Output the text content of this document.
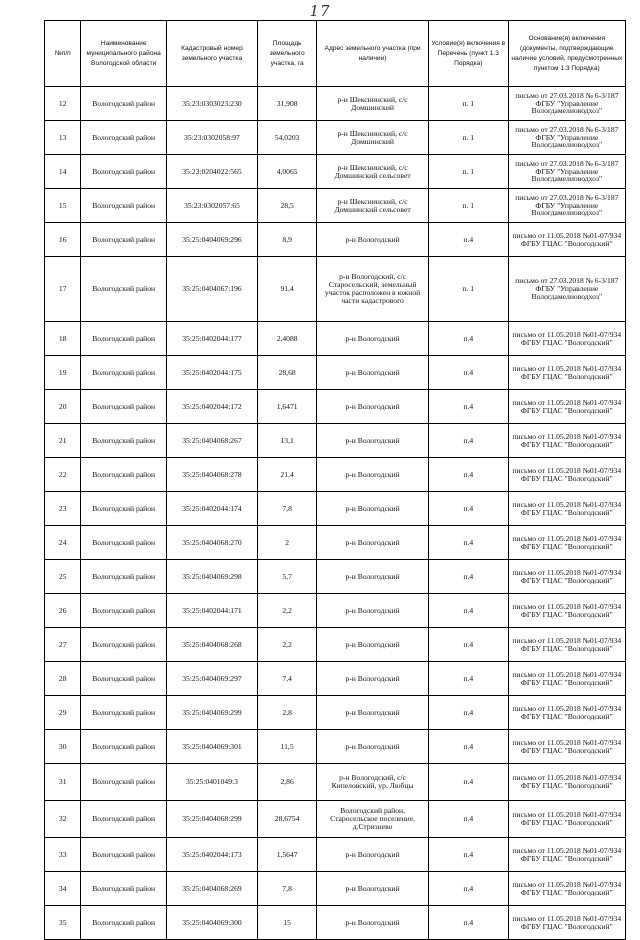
17
№п/п	Наименование муниципального района Вологодской области	Кадастровый номер земельного участка	Площадь земельного участка, га	Адрес земельного участка (при наличии)	Условие(я) включения в Перечень (пункт 1.3 Порядка)	Основание(я) включения (документы, подтверждающие наличие условий, предусмотренных пунктом 1.3 Порядка)
12	Вологодский район	35:23:0303023:230	31,908	р-н Шекснинский, с/с Домшинский	п. 1	письмо от 27.03.2018 № 6-3/187 ФГБУ "Управление Вологдамелиоводхоз"
13	Вологодский район	35:23:0302058:97	54,0203	р-н Шекснинский, с/с Домшинский	п. 1	письмо от 27.03.2018 № 6-3/187 ФГБУ "Управление Вологдамелиоводхоз"
14	Вологодский район	35:23:0204022:565	4,0065	р-н Шекснинский, с/с Домшинский сельсовет	п. 1	письмо от 27.03.2018 № 6-3/187 ФГБУ "Управление Вологдамелиоводхоз"
15	Вологодский район	35:23:0302057:65	28,5	р-н Шекснинский, с/с Домшинский сельсовет	п. 1	письмо от 27.03.2018 № 6-3/187 ФГБУ "Управление Вологдамелиоводхоз"
16	Вологодский район	35:25:0404069:296	8,9	р-н Вологодский	п.4	письмо от 11.05.2018 №01-07/934 ФГБУ ГЦАС "Вологодский"
17	Вологодский район	35:25:0404067:196	91,4	р-н Вологодский, с/с Старосельский, земельный участок расположен в южной части кадастрового	п. 1	письмо от 27.03.2018 № 6-3/187 ФГБУ "Управление Вологдамелиоводхоз"
18	Вологодский район	35:25:0402044:177	2,4088	р-н Вологодский	п.4	письмо от 11.05.2018 №01-07/934 ФГБУ ГЦАС "Вологодский"
19	Вологодский район	35:25:0402044:175	28,68	р-н Вологодский	п.4	письмо от 11.05.2018 №01-07/934 ФГБУ ГЦАС "Вологодский"
20	Вологодский район	35:25:0402044:172	1,6471	р-н Вологодский	п.4	письмо от 11.05.2018 №01-07/934 ФГБУ ГЦАС "Вологодский"
21	Вологодский район	35:25:0404068:267	13,1	р-н Вологодский	п.4	письмо от 11.05.2018 №01-07/934 ФГБУ ГЦАС "Вологодский"
22	Вологодский район	35:25:0404068:278	21,4	р-н Вологодский	п.4	письмо от 11.05.2018 №01-07/934 ФГБУ ГЦАС "Вологодский"
23	Вологодский район	35:25:0402044:174	7,8	р-н Вологодский	п.4	письмо от 11.05.2018 №01-07/934 ФГБУ ГЦАС "Вологодский"
24	Вологодский район	35:25:0404068:270	2	р-н Вологодский	п.4	письмо от 11.05.2018 №01-07/934 ФГБУ ГЦАС "Вологодский"
25	Вологодский район	35:25:0404069:298	5,7	р-н Вологодский	п.4	письмо от 11.05.2018 №01-07/934 ФГБУ ГЦАС "Вологодский"
26	Вологодский район	35:25:0402044:171	2,2	р-н Вологодский	п.4	письмо от 11.05.2018 №01-07/934 ФГБУ ГЦАС "Вологодский"
27	Вологодский район	35:25:0404068:268	2,2	р-н Вологодский	п.4	письмо от 11.05.2018 №01-07/934 ФГБУ ГЦАС "Вологодский"
28	Вологодский район	35:25:0404069:297	7,4	р-н Вологодский	п.4	письмо от 11.05.2018 №01-07/934 ФГБУ ГЦАС "Вологодский"
29	Вологодский район	35:25:0404069:299	2,8	р-н Вологодский	п.4	письмо от 11.05.2018 №01-07/934 ФГБУ ГЦАС "Вологодский"
30	Вологодский район	35:25:0404069:301	11,5	р-н Вологодский	п.4	письмо от 11.05.2018 №01-07/934 ФГБУ ГЦАС "Вологодский"
31	Вологодский район	35:25:0401049:3	2,86	р-н Вологодский, с/с Кипеловский, ур. Любцы	п.4	письмо от 11.05.2018 №01-07/934 ФГБУ ГЦАС "Вологодский"
32	Вологодский район	35:25:0404068:299	28,6754	Вологодский район, Старосельское поселение, д.Стризнево	п.4	письмо от 11.05.2018 №01-07/934 ФГБУ ГЦАС "Вологодский"
33	Вологодский район	35:25:0402044:173	1,5647	р-н Вологодский	п.4	письмо от 11.05.2018 №01-07/934 ФГБУ ГЦАС "Вологодский"
34	Вологодский район	35:25:0404068:269	7,8	р-н Вологодский	п.4	письмо от 11.05.2018 №01-07/934 ФГБУ ГЦАС "Вологодский"
35	Вологодский район	35:25:0404069:300	15	р-н Вологодский	п.4	письмо от 11.05.2018 №01-07/934 ФГБУ ГЦАС "Вологодский"
